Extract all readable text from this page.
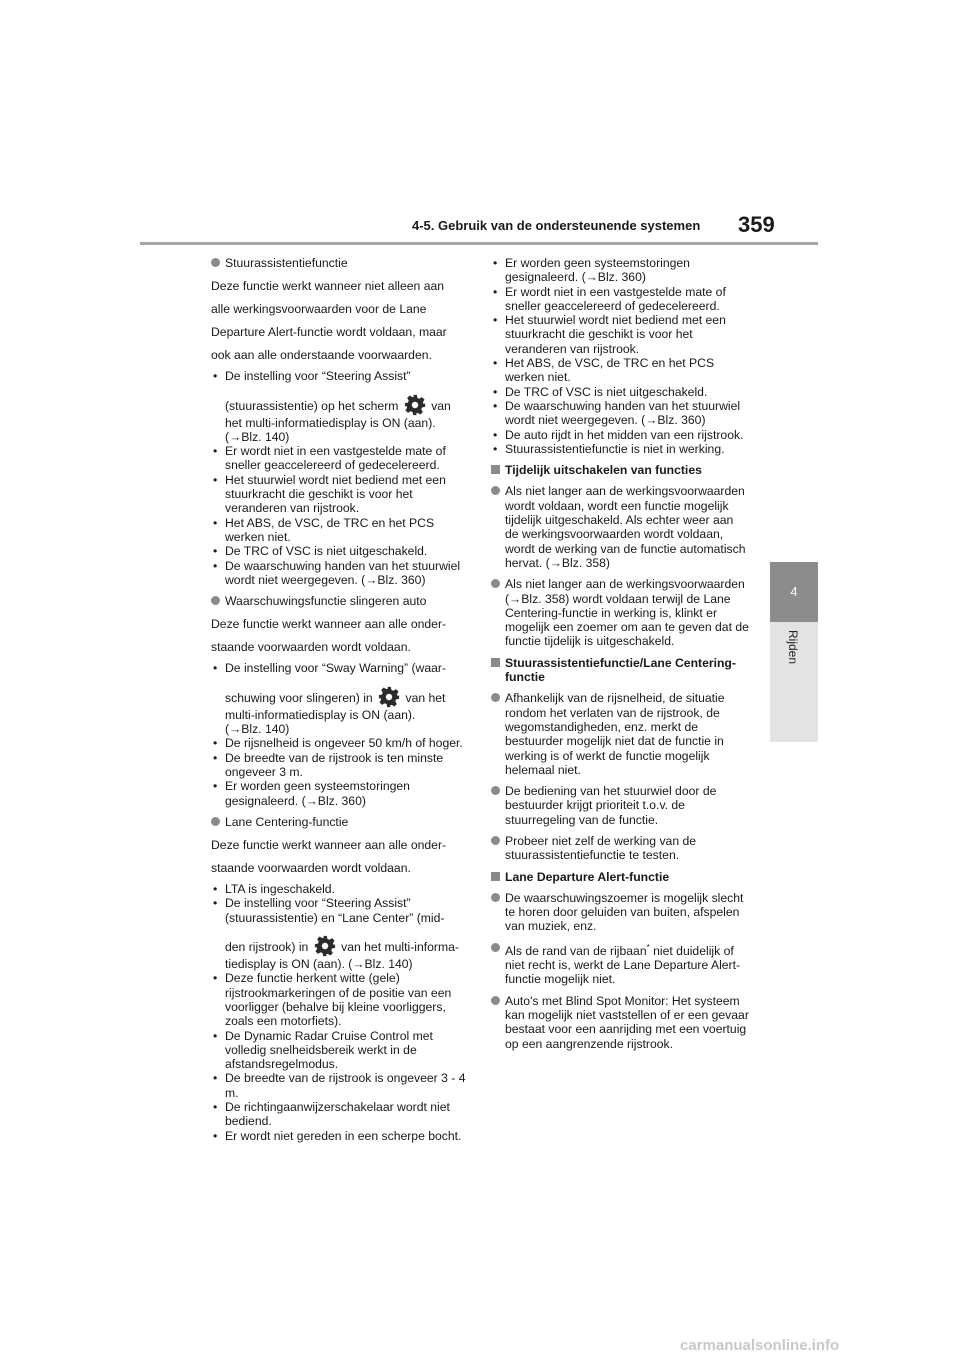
4-5. Gebruik van de ondersteunende systemen 359
4
Rijden
Stuurassistentiefunctie
Deze functie werkt wanneer niet alleen aan
alle werkingsvoorwaarden voor de Lane
Departure Alert-functie wordt voldaan, maar
ook aan alle onderstaande voorwaarden.
• De instelling voor “Steering Assist”
(stuurassistentie) op het scherm	van
het multi-informatiedisplay is ON (aan).
(→Blz. 140)
• Er wordt niet in een vastgestelde mate of sneller geaccelereerd of gedecelereerd.
• Het stuurwiel wordt niet bediend met een stuurkracht die geschikt is voor het veranderen van rijstrook.
• Het ABS, de VSC, de TRC en het PCS werken niet.
• De TRC of VSC is niet uitgeschakeld.
• De waarschuwing handen van het stuurwiel wordt niet weergegeven. (→Blz. 360)
Waarschuwingsfunctie slingeren auto
Deze functie werkt wanneer aan alle onder-
staande voorwaarden wordt voldaan.
• De instelling voor “Sway Warning” (waar-
schuwing voor slingeren) in	van het
multi-informatiedisplay is ON (aan).
(→Blz. 140)
• De rijsnelheid is ongeveer 50 km/h of hoger.
• De breedte van de rijstrook is ten minste ongeveer 3 m.
• Er worden geen systeemstoringen gesignaleerd. (→Blz. 360)
Lane Centering-functie
Deze functie werkt wanneer aan alle onder-
staande voorwaarden wordt voldaan.
• LTA is ingeschakeld.
• De instelling voor “Steering Assist”
(stuurassistentie) en “Lane Center” (mid-
den rijstrook) in	van het multi-informa-
tiedisplay is ON (aan). (→Blz. 140)
• Deze functie herkent witte (gele) rijstrookmarkeringen of de positie van een voorligger (behalve bij kleine voorliggers, zoals een motorfiets).
• De Dynamic Radar Cruise Control met volledig snelheidsbereik werkt in de afstandsregelmodus.
• De breedte van de rijstrook is ongeveer 3 - 4 m.
• De richtingaanwijzerschakelaar wordt niet bediend.
• Er wordt niet gereden in een scherpe bocht.
• Er worden geen systeemstoringen gesignaleerd. (→Blz. 360)
• Er wordt niet in een vastgestelde mate of sneller geaccelereerd of gedecelereerd.
• Het stuurwiel wordt niet bediend met een stuurkracht die geschikt is voor het veranderen van rijstrook.
• Het ABS, de VSC, de TRC en het PCS werken niet.
• De TRC of VSC is niet uitgeschakeld.
• De waarschuwing handen van het stuurwiel wordt niet weergegeven. (→Blz. 360)
• De auto rijdt in het midden van een rijstrook.
• Stuurassistentiefunctie is niet in werking.
Tijdelijk uitschakelen van functies
Als niet langer aan de werkingsvoorwaarden wordt voldaan, wordt een functie mogelijk tijdelijk uitgeschakeld. Als echter weer aan de werkingsvoorwaarden wordt voldaan, wordt de werking van de functie automatisch hervat. (→Blz. 358)
Als niet langer aan de werkingsvoorwaarden (→Blz. 358) wordt voldaan terwijl de Lane Centering-functie in werking is, klinkt er mogelijk een zoemer om aan te geven dat de functie tijdelijk is uitgeschakeld.
Stuurassistentiefunctie/Lane Centering-functie
Afhankelijk van de rijsnelheid, de situatie rondom het verlaten van de rijstrook, de wegomstandigheden, enz. merkt de bestuurder mogelijk niet dat de functie in werking is of werkt de functie mogelijk helemaal niet.
De bediening van het stuurwiel door de bestuurder krijgt prioriteit t.o.v. de stuurregeling van de functie.
Probeer niet zelf de werking van de stuurassistentiefunctie te testen.
Lane Departure Alert-functie
De waarschuwingszoemer is mogelijk slecht te horen door geluiden van buiten, afspelen van muziek, enz.
Als de rand van de rijbaan* niet duidelijk of niet recht is, werkt de Lane Departure Alert-functie mogelijk niet.
Auto's met Blind Spot Monitor: Het systeem kan mogelijk niet vaststellen of er een gevaar bestaat voor een aanrijding met een voertuig op een aangrenzende rijstrook.
carmanualsonline.info
